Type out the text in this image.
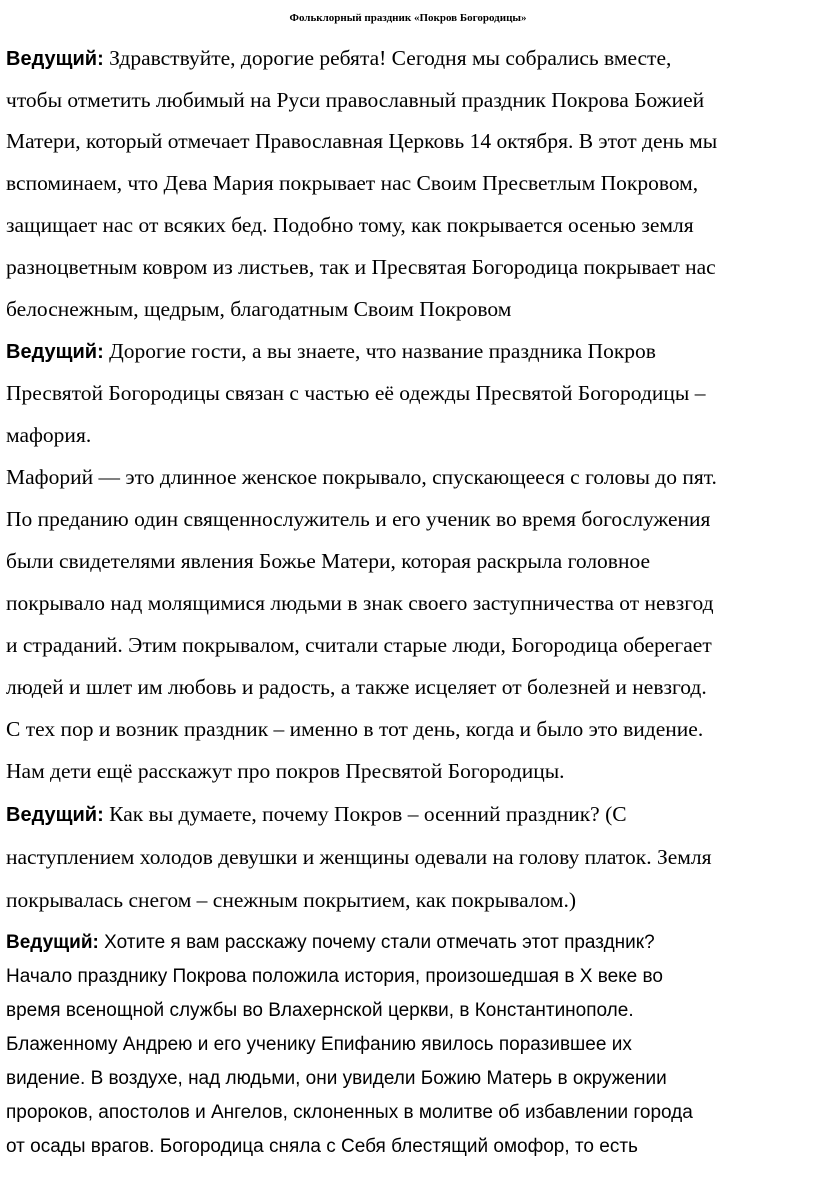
Фольклорный праздник «Покров Богородицы»
Ведущий: Здравствуйте, дорогие ребята! Сегодня мы собрались вместе,
чтобы отметить любимый на Руси православный праздник Покрова Божией
Матери, который отмечает Православная Церковь 14 октября. В этот день мы
вспоминаем, что Дева Мария покрывает нас Своим Пресветлым Покровом,
защищает нас от всяких бед. Подобно тому, как покрывается осенью земля
разноцветным ковром из листьев, так и Пресвятая Богородица покрывает нас
белоснежным, щедрым, благодатным Своим Покровом
Ведущий: Дорогие гости, а вы знаете, что название праздника Покров
Пресвятой Богородицы связан с частью её одежды Пресвятой Богородицы –
мафория.
Мафорий — это длинное женское покрывало, спускающееся с головы до пят.
По преданию один священнослужитель и его ученик во время богослужения
были свидетелями явления Божье Матери, которая раскрыла головное
покрывало над молящимися людьми в знак своего заступничества от невзгод
и страданий. Этим покрывалом, считали старые люди, Богородица оберегает
людей и шлет им любовь и радость, а также исцеляет от болезней и невзгод.
С тех пор и возник праздник – именно в тот день, когда и было это видение.
Нам дети ещё расскажут про покров Пресвятой Богородицы.
Ведущий: Как вы думаете, почему Покров – осенний праздник? (С
наступлением холодов девушки и женщины одевали на голову платок. Земля
покрывалась снегом – снежным покрытием, как покрывалом.)
Ведущий: Хотите я вам расскажу почему стали отмечать этот праздник?
Начало празднику Покрова положила история, произошедшая в X веке во
время всенощной службы во Влахернской церкви, в Константинополе.
Блаженному Андрею и его ученику Епифанию явилось поразившее их
видение. В воздухе, над людьми, они увидели Божию Матерь в окружении
пророков, апостолов и Ангелов, склоненных в молитве об избавлении города
от осады врагов. Богородица сняла с Себя блестящий омофор, то есть
